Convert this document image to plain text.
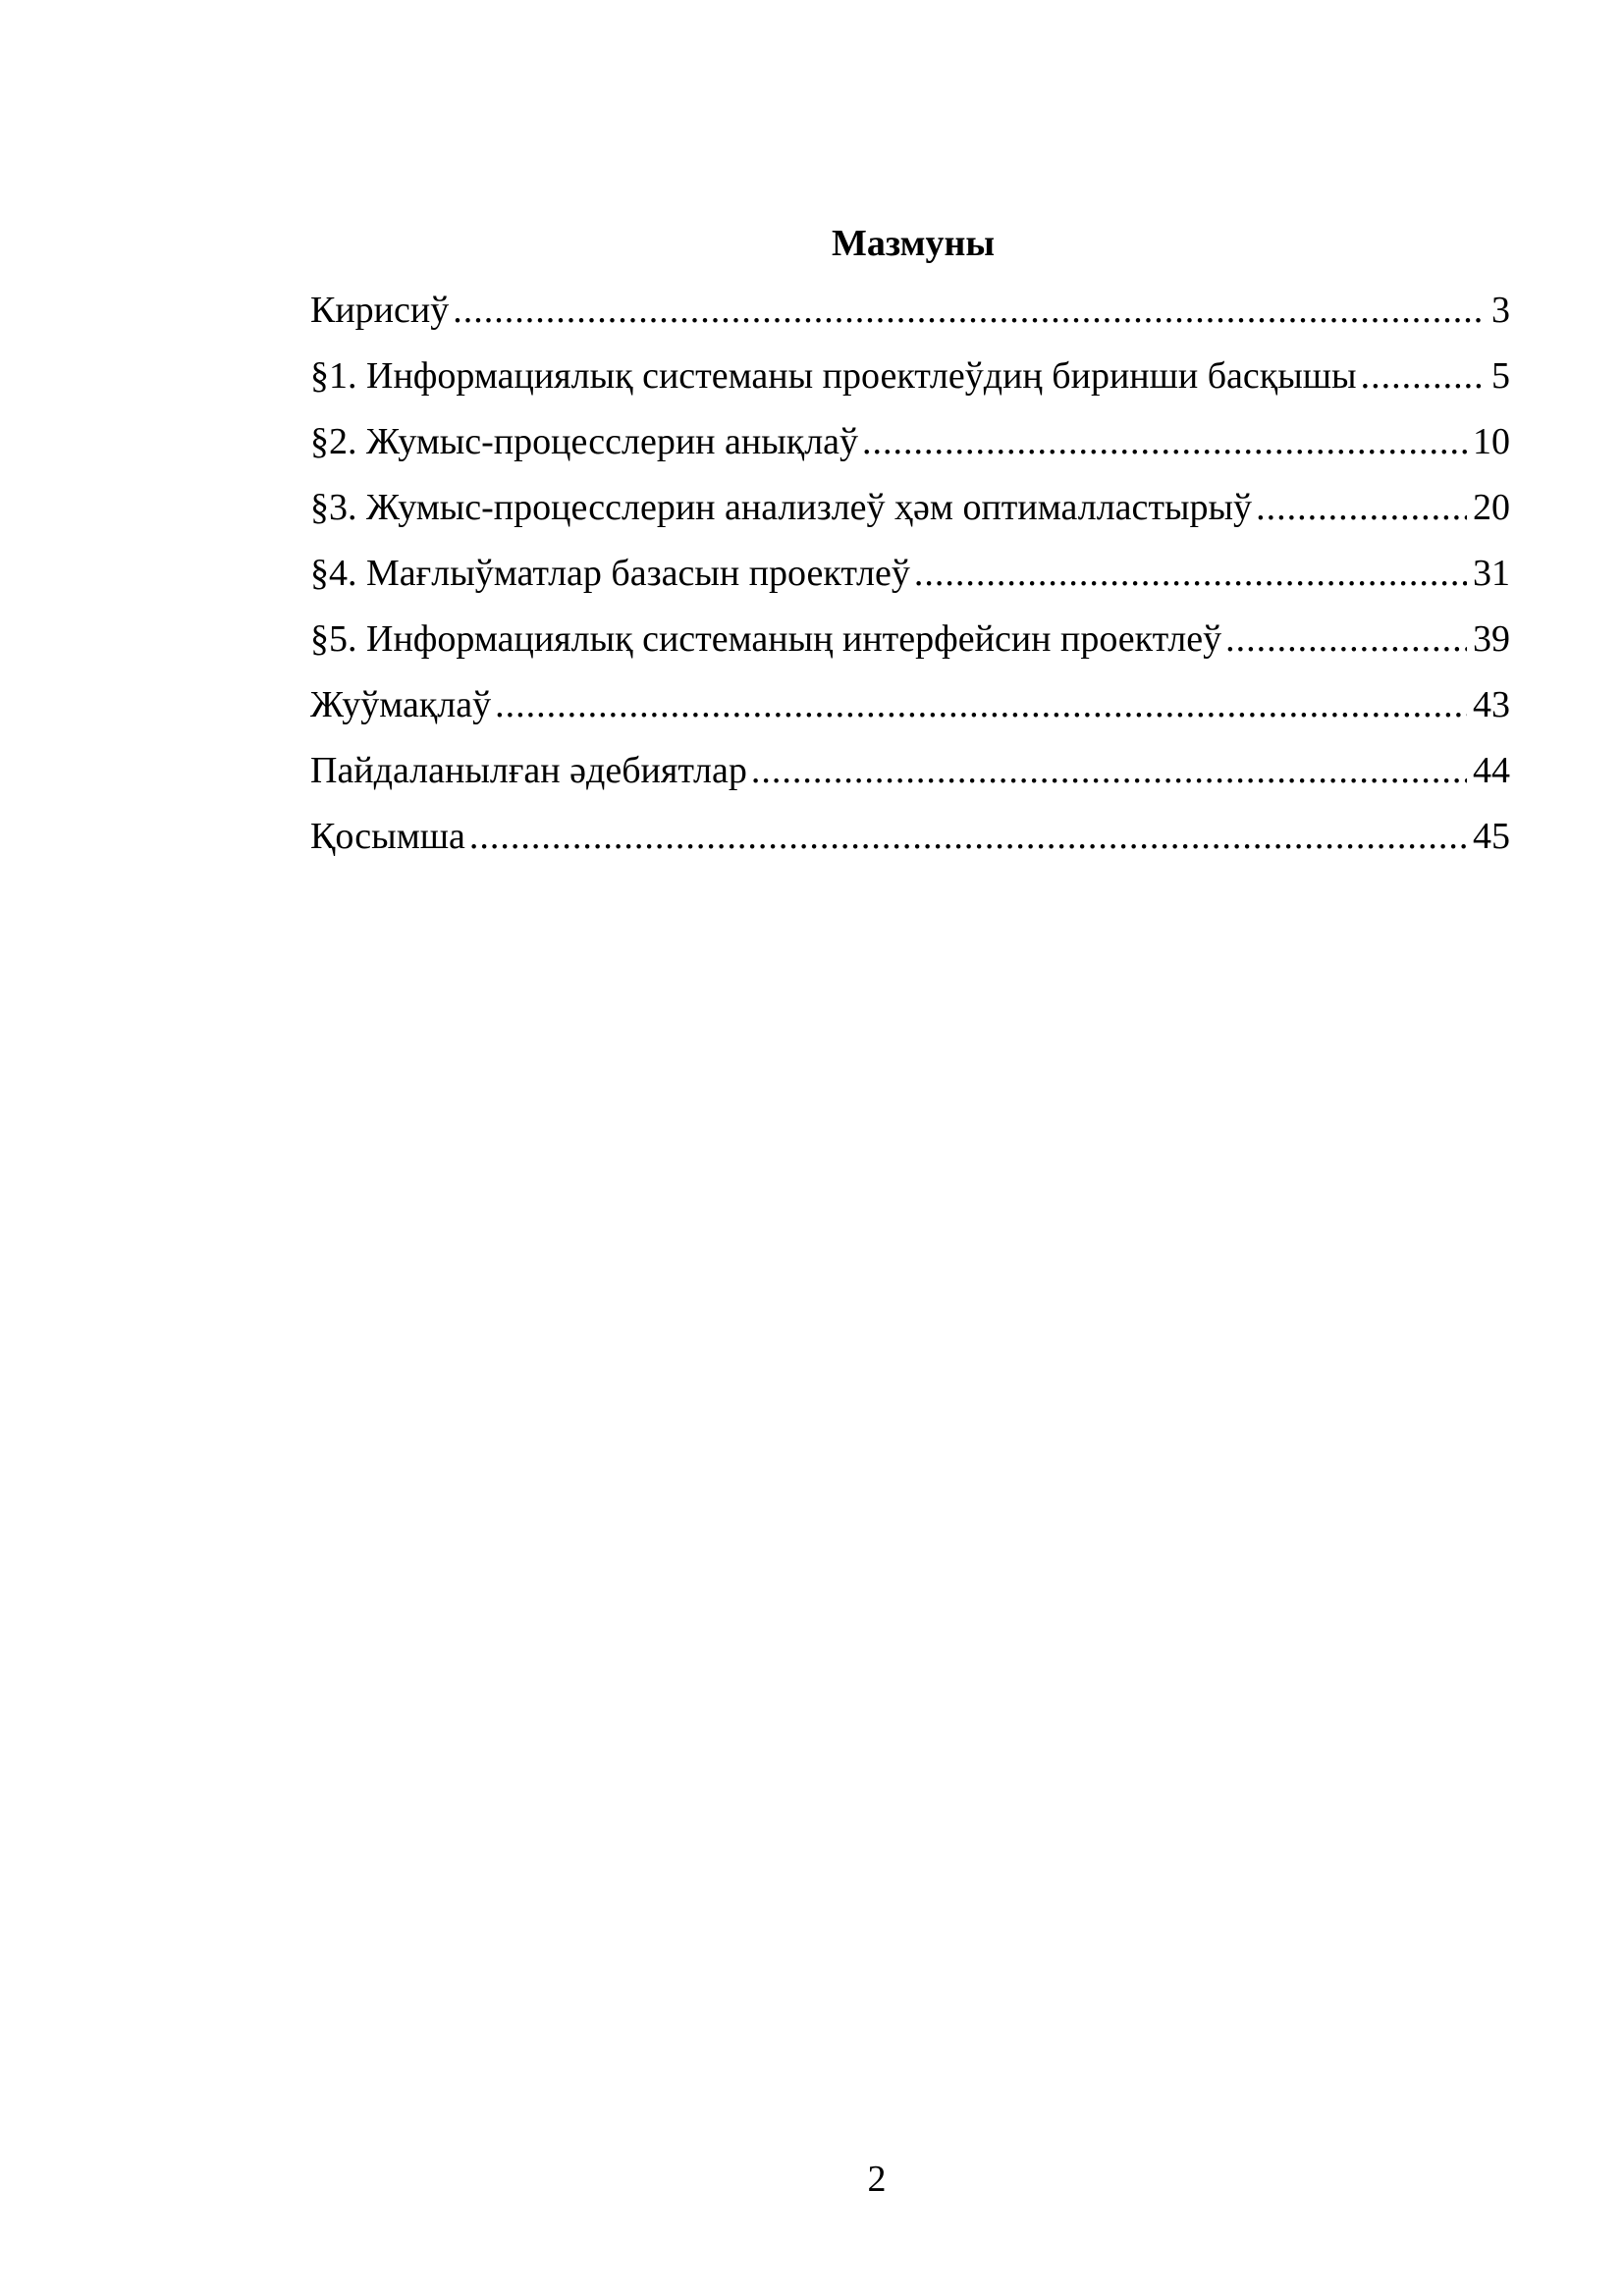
Мазмуны
Кирисиў .....	3
§1. Информациялық системаны проектлеўдиң биринши басқышы .....	5
§2. Жумыс-процесслерин анықлаў .....	10
§3. Жумыс-процесслерин анализлеў ҳәм оптималластырыў .....	20
§4. Мағлыўматлар базасын проектлеў .....	31
§5. Информациялық системаның интерфейсин проектлеў .....	39
Жуўмақлаў .....	43
Пайдаланылған әдебиятлар .....	44
Қосымша .....	45

2
